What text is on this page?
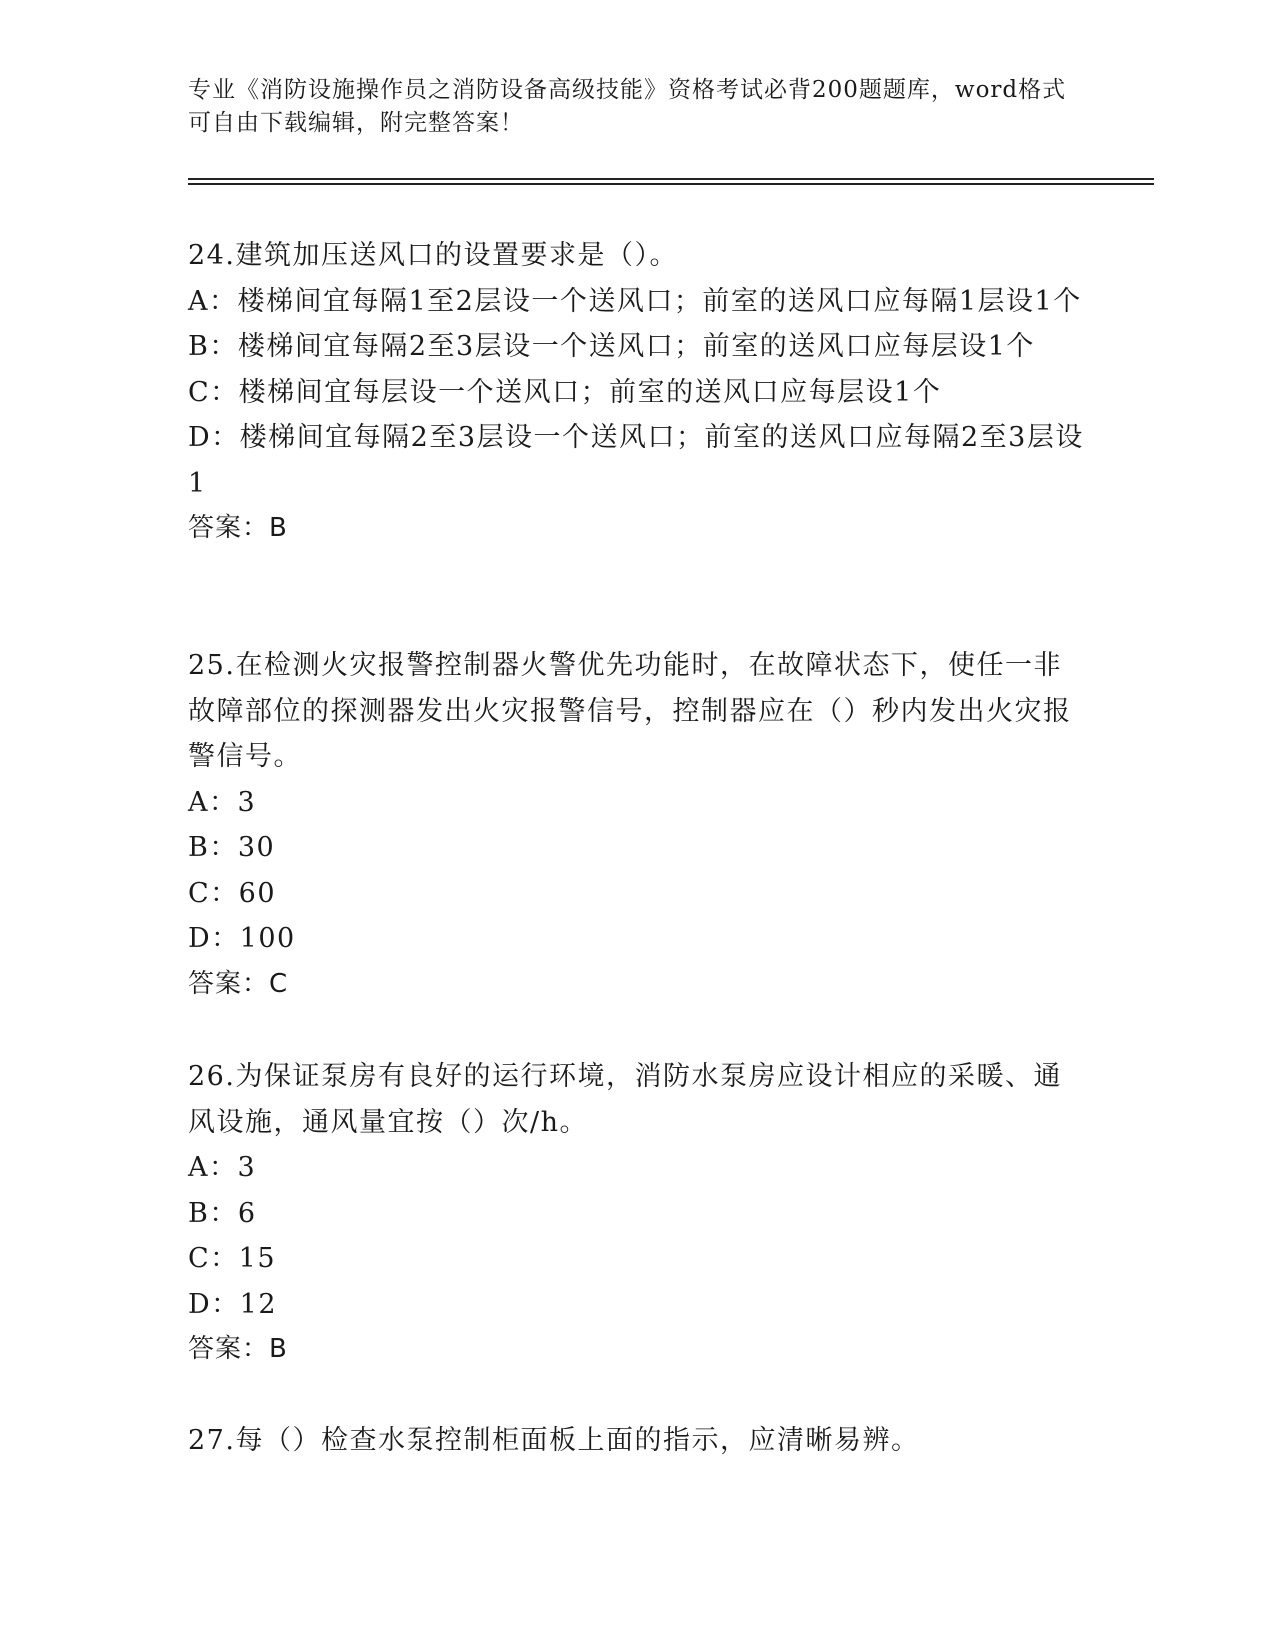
专业《消防设施操作员之消防设备高级技能》资格考试必背200题题库，word格式可自由下载编辑，附完整答案！

24.建筑加压送风口的设置要求是（）。

A：楼梯间宜每隔1至2层设一个送风口；前室的送风口应每隔1层设1个

B：楼梯间宜每隔2至3层设一个送风口；前室的送风口应每层设1个

C：楼梯间宜每层设一个送风口；前室的送风口应每层设1个

D：楼梯间宜每隔2至3层设一个送风口；前室的送风口应每隔2至3层设1

答案：B

25.在检测火灾报警控制器火警优先功能时，在故障状态下，使任一非故障部位的探测器发出火灾报警信号，控制器应在（）秒内发出火灾报警信号。

A：3

B：30

C：60

D：100

答案：C

26.为保证泵房有良好的运行环境，消防水泵房应设计相应的采暖、通风设施，通风量宜按（）次/h。

A：3

B：6

C：15

D：12

答案：B

27.每（）检查水泵控制柜面板上面的指示，应清晰易辨。
